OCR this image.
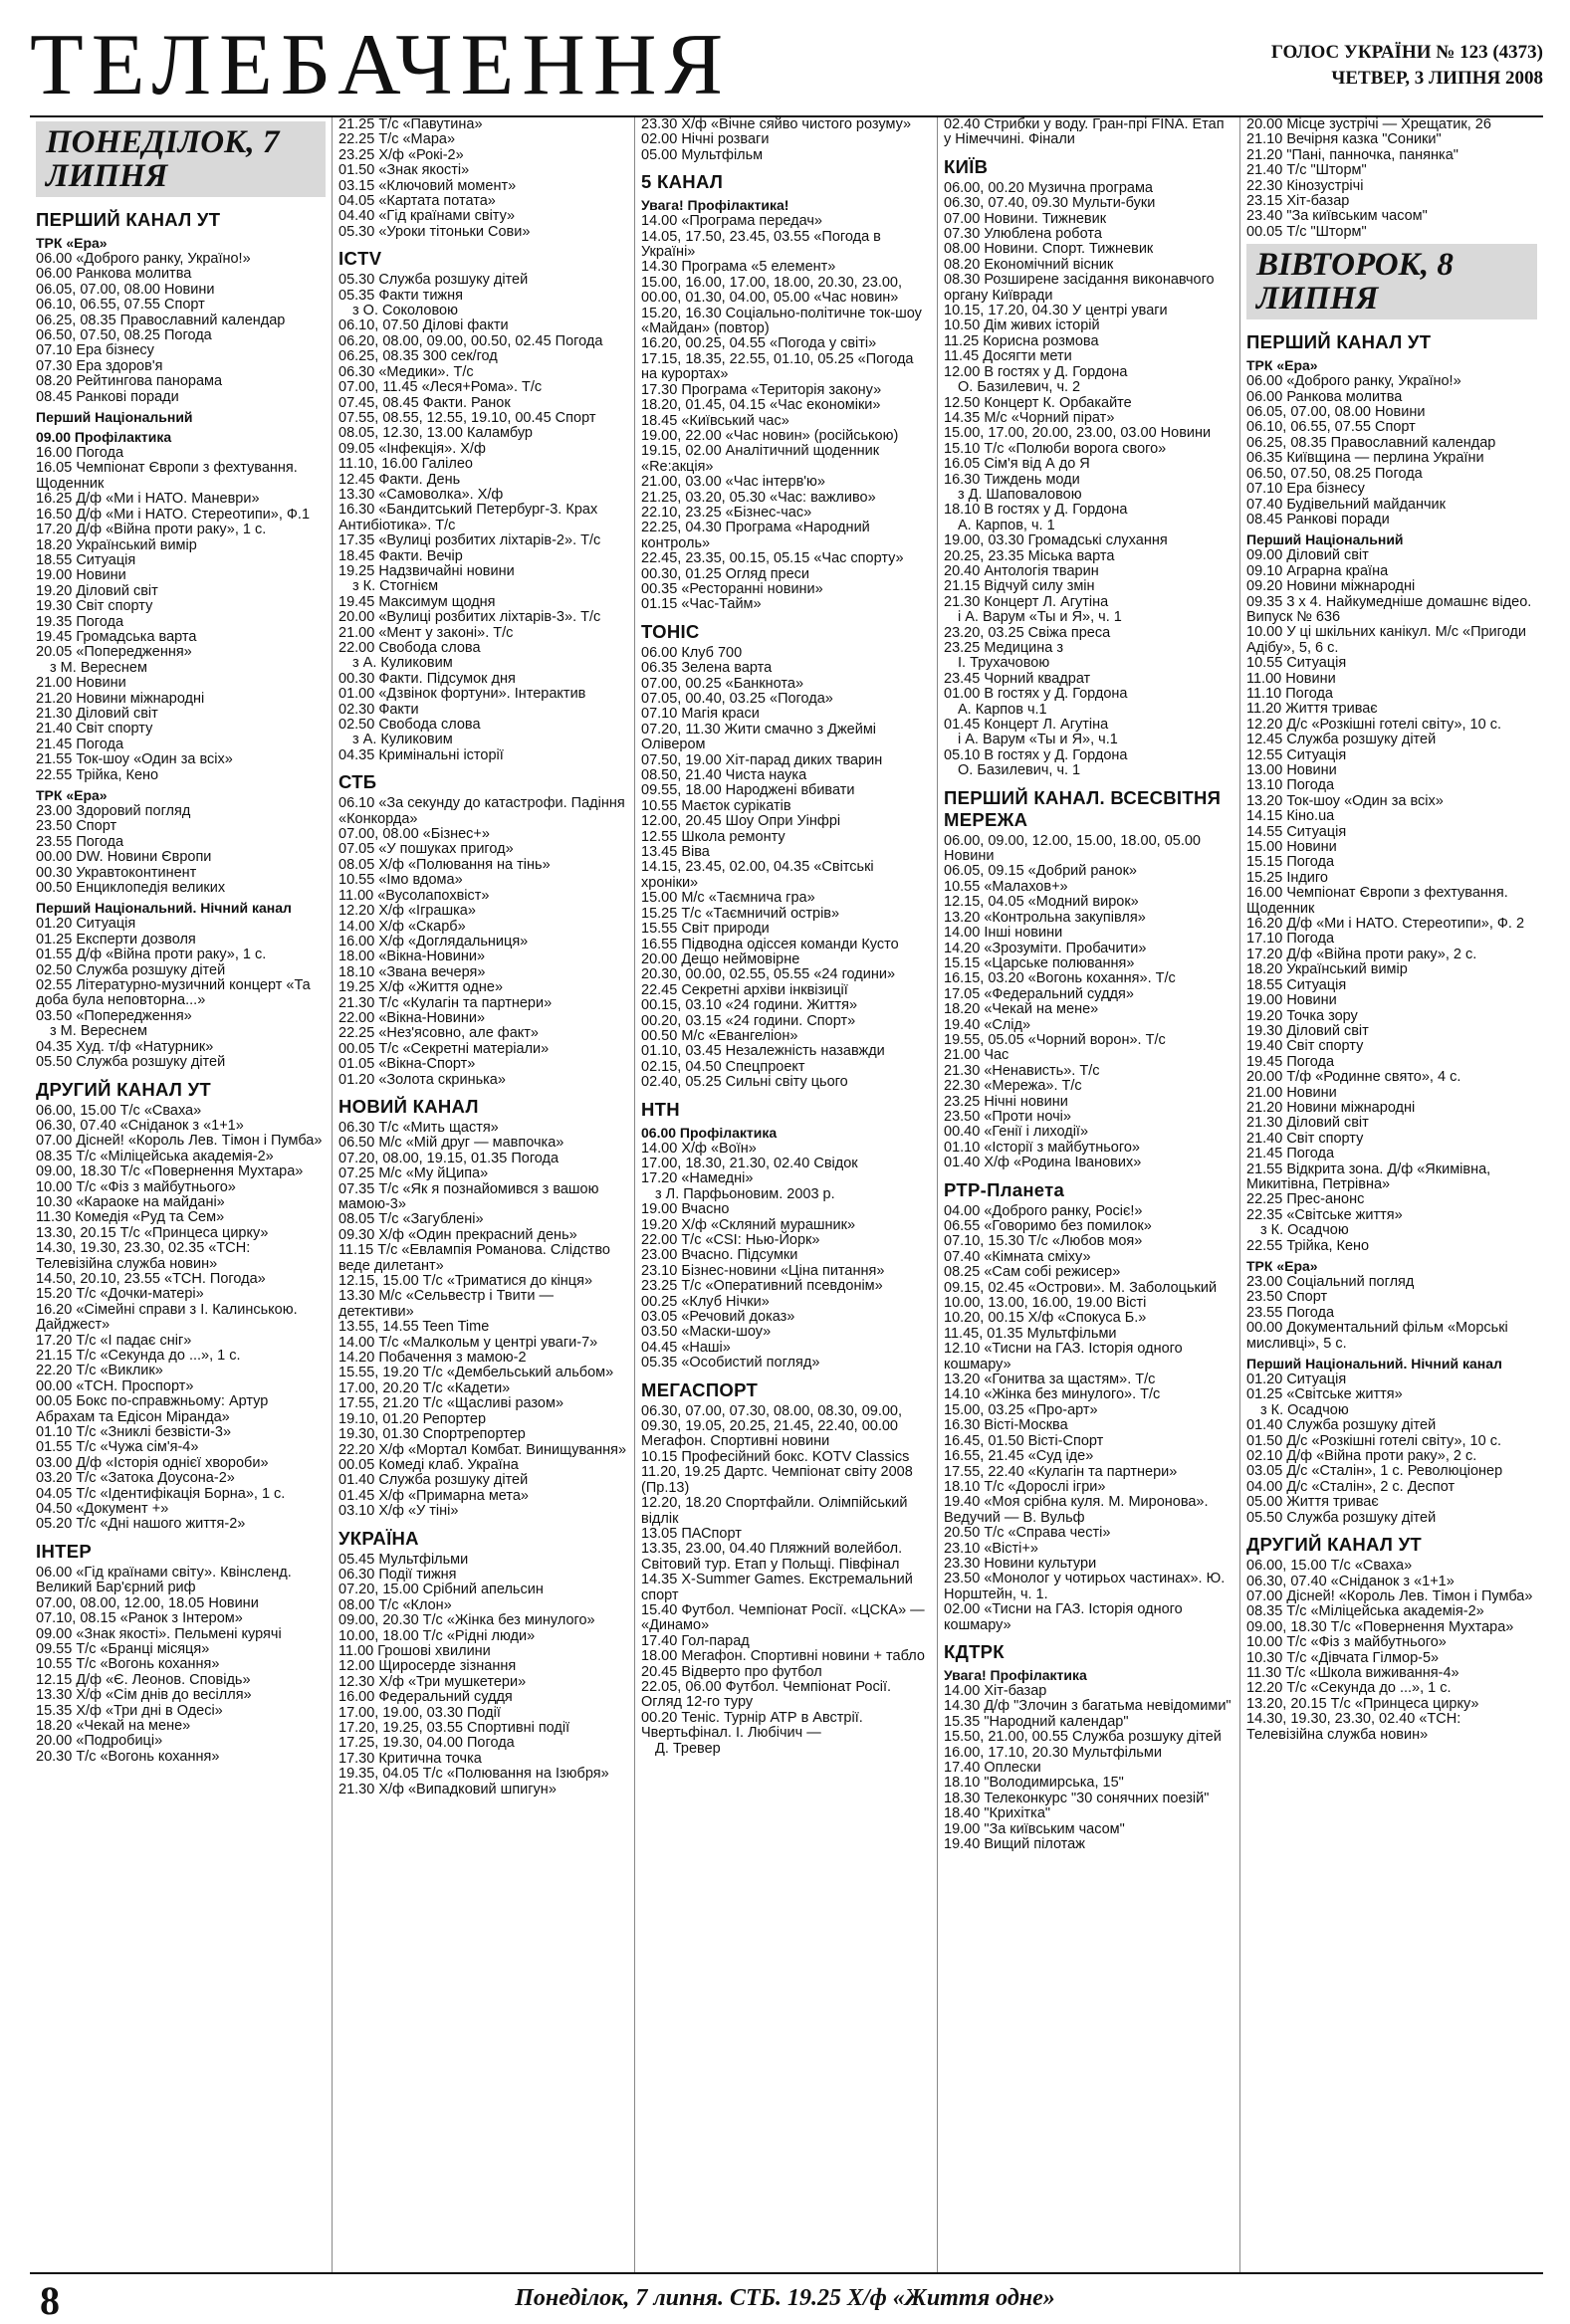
ТЕЛЕБАЧЕННЯ	ГОЛОС УКРАЇНИ № 123 (4373)
ЧЕТВЕР, 3 ЛИПНЯ 2008
ПОНЕДІЛОК, 7 ЛИПНЯ
ПЕРШИЙ КАНАЛ УТ
ТРК «Ера»
06.00 «Доброго ранку, Україно!»
06.00 Ранкова молитва
06.05, 07.00, 08.00 Новини
06.10, 06.55, 07.55 Спорт
06.25, 08.35 Православний календар
06.50, 07.50, 08.25 Погода
07.10 Ера бізнесу
07.30 Ера здоров'я
08.20 Рейтингова панорама
08.45 Ранкові поради
Перший Національний
09.00 Профілактика
16.00 Погода
16.05 Чемпіонат Європи з фехтування. Щоденник
16.25 Д/ф «Ми і НАТО. Маневри»
16.50 Д/ф «Ми і НАТО. Стереотипи», Ф.1
17.20 Д/ф «Війна проти раку», 1 с.
18.20 Український вимір
18.55 Ситуація
19.00 Новини
19.20 Діловий світ
19.30 Світ спорту
19.35 Погода
19.45 Громадська варта
20.05 «Попередження»
з М. Вереснем
21.00 Новини
21.20 Новини міжнародні
21.30 Діловий світ
21.40 Світ спорту
21.45 Погода
21.55 Ток-шоу «Один за всіх»
22.55 Трійка, Кено
ТРК «Ера»
23.00 Здоровий погляд
23.50 Спорт
23.55 Погода
00.00 DW. Новини Європи
00.30 Укравтоконтинент
00.50 Енциклопедія великих
Перший Національний. Нічний канал
01.20 Ситуація
01.25 Експерти дозволя
01.55 Д/ф «Війна проти раку», 1 с.
02.50 Служба розшуку дітей
02.55 Літературно-музичний концерт «Та доба була неповторна...»
03.50 «Попередження»
з М. Вереснем
04.35 Худ. т/ф «Натурник»
05.50 Служба розшуку дітей
ДРУГИЙ КАНАЛ УТ
06.00, 15.00 Т/с «Сваха»
06.30, 07.40 «Сніданок з «1+1»
07.00 Дісней! «Король Лев. Тімон і Пумба»
08.35 Т/с «Міліцейська академія-2»
09.00, 18.30 Т/с «Повернення Мухтара»
10.00 Т/с «Фіз з майбутнього»
10.30 «Караоке на майдані»
11.30 Комедія «Руд та Сем»
13.30, 20.15 Т/с «Принцеса цирку»
14.30, 19.30, 23.30, 02.35 «ТСН: Телевізійна служба новин»
14.50, 20.10, 23.55 «ТСН. Погода»
15.20 Т/с «Дочки-матері»
16.20 «Сімейні справи з І. Калинською. Дайджест»
17.20 Т/с «І падає сніг»
21.15 Т/с «Секунда до ...», 1 с.
22.20 Т/с «Виклик»
00.00 «ТСН. Проспорт»
00.05 Бокс по-справжньому: Артур Абрахам та Едісон Міранда»
01.10 Т/с «Зниклі безвісти-3»
01.55 Т/с «Чужа сім'я-4»
03.00 Д/ф «Історія однієї хвороби»
03.20 Т/с «Затока Доусона-2»
04.05 Т/с «Ідентифікація Борна», 1 с.
04.50 «Документ +»
05.20 Т/с «Дні нашого життя-2»
ІНТЕР
06.00 «Гід країнами світу». Квінсленд. Великий Бар'єрний риф
07.00, 08.00, 12.00, 18.05 Новини
07.10, 08.15 «Ранок з Інтером»
09.00 «Знак якості». Пельмені курячі
09.55 Т/с «Бранці місяця»
10.55 Т/с «Вогонь кохання»
12.15 Д/ф «Є. Леонов. Сповідь»
13.30 Х/ф «Сім днів до весілля»
15.35 Х/ф «Три дні в Одесі»
18.20 «Чекай на мене»
20.00 «Подробиці»
20.30 Т/с «Вогонь кохання»
21.25 Т/с «Павутина»
22.25 Т/с «Мара»
23.25 Х/ф «Рокі-2»
01.50 «Знак якості»
03.15 «Ключовий момент»
04.05 «Картата потата»
04.40 «Гід країнами світу»
05.30 «Уроки тітоньки Сови»
ICTV
05.30 Служба розшуку дітей
05.35 Факти тижня
з О. Соколовою
06.10, 07.50 Ділові факти
06.20, 08.00, 09.00, 00.50, 02.45 Погода
06.25, 08.35 300 сек/год
06.30 «Медики». Т/с
07.00, 11.45 «Леся+Рома». Т/с
07.45, 08.45 Факти. Ранок
07.55, 08.55, 12.55, 19.10, 00.45 Спорт
08.05, 12.30, 13.00 Каламбур
09.05 «Інфекція». Х/ф
11.10, 16.00 Галілео
12.45 Факти. День
13.30 «Самоволка». Х/ф
16.30 «Бандитський Петербург-3. Крах Антибіотика». Т/с
17.35 «Вулиці розбитих ліхтарів-2». Т/с
18.45 Факти. Вечір
19.25 Надзвичайні новини
з К. Стогнієм
19.45 Максимум щодня
20.00 «Вулиці розбитих ліхтарів-3». Т/с
21.00 «Мент у законі». Т/с
22.00 Свобода слова
з А. Куликовим
00.30 Факти. Підсумок дня
01.00 «Дзвінок фортуни». Інтерактив
02.30 Факти
02.50 Свобода слова
з А. Куликовим
04.35 Кримінальні історії
СТБ
06.10 «За секунду до катастрофи. Падіння «Конкорда»
07.00, 08.00 «Бізнес+»
07.05 «У пошуках пригод»
08.05 Х/ф «Полювання на тінь»
10.55 «Імо вдома»
11.00 «Вусолапохвіст»
12.20 Х/ф «Іграшка»
14.00 Х/ф «Скарб»
16.00 Х/ф «Доглядальниця»
18.00 «Вікна-Новини»
18.10 «Звана вечеря»
19.25 Х/ф «Життя одне»
21.30 Т/с «Кулагін та партнери»
22.00 «Вікна-Новини»
22.25 «Нез'ясовно, але факт»
00.05 Т/с «Секретні матеріали»
01.05 «Вікна-Спорт»
01.20 «Золота скринька»
НОВИЙ КАНАЛ
06.30 Т/с «Мить щастя»
06.50 М/с «Мій друг — мавпочка»
07.20, 08.00, 19.15, 01.35 Погода
07.25 М/с «Му йЦипа»
07.35 Т/с «Як я познайомився з вашою мамою-3»
08.05 Т/с «Загублені»
09.30 Х/ф «Один прекрасний день»
11.15 Т/с «Евлампія Романова. Слідство веде дилетант»
12.15, 15.00 Т/с «Триматися до кінця»
13.30 М/с «Сельвестр і Твити — детективи»
13.55, 14.55 Teen Time
14.00 Т/с «Малкольм у центрі уваги-7»
14.20 Побачення з мамою-2
15.55, 19.20 Т/с «Дембельський альбом»
17.00, 20.20 Т/с «Кадети»
17.55, 21.20 Т/с «Щасливі разом»
19.10, 01.20 Репортер
19.30, 01.30 Спортрепортер
22.20 Х/ф «Мортал Комбат. Винищування»
00.05 Комеді клаб. Україна
01.40 Служба розшуку дітей
01.45 Х/ф «Примарна мета»
03.10 Х/ф «У тіні»
УКРАЇНА
05.45 Мультфільми
06.30 Події тижня
07.20, 15.00 Срібний апельсин
08.00 Т/с «Клон»
09.00, 20.30 Т/с «Жінка без минулого»
10.00, 18.00 Т/с «Рідні люди»
11.00 Грошові хвилини
12.00 Щиросерде зізнання
12.30 Х/ф «Три мушкетери»
16.00 Федеральний суддя
17.00, 19.00, 03.30 Події
17.20, 19.25, 03.55 Спортивні події
17.25, 19.30, 04.00 Погода
17.30 Критична точка
19.35, 04.05 Т/с «Полювання на Ізюбря»
21.30 Х/ф «Випадковий шпигун»
23.30 Х/ф «Вічне сяйво чистого розуму»
02.00 Нічні розваги
05.00 Мультфільм
5 КАНАЛ
Увага! Профілактика!
14.00 «Програма передач»
14.05, 17.50, 23.45, 03.55 «Погода в Україні»
14.30 Програма «5 елемент»
15.00, 16.00, 17.00, 18.00, 20.30, 23.00, 00.00, 01.30, 04.00, 05.00 «Час новин»
15.20, 16.30 Соціально-політичне ток-шоу «Майдан» (повтор)
16.20, 00.25, 04.55 «Погода у світі»
17.15, 18.35, 22.55, 01.10, 05.25 «Погода на курортах»
17.30 Програма «Територія закону»
18.20, 01.45, 04.15 «Час економіки»
18.45 «Київський час»
19.00, 22.00 «Час новин» (російською)
19.15, 02.00 Аналітичний щоденник «Re:акція»
21.00, 03.00 «Час інтерв'ю»
21.25, 03.20, 05.30 «Час: важливо»
22.10, 23.25 «Бізнес-час»
22.25, 04.30 Програма «Народний контроль»
22.45, 23.35, 00.15, 05.15 «Час спорту»
00.30, 01.25 Огляд преси
00.35 «Ресторанні новини»
01.15 «Час-Тайм»
ТОНІС
06.00 Клуб 700
06.35 Зелена варта
07.00, 00.25 «Банкнота»
07.05, 00.40, 03.25 «Погода»
07.10 Магія краси
07.20, 11.30 Жити смачно з Джеймі Олівером
07.50, 19.00 Хіт-парад диких тварин
08.50, 21.40 Чиста наука
09.55, 18.00 Народжені вбивати
10.55 Маєток сурікатів
12.00, 20.45 Шоу Опри Уінфрі
12.55 Школа ремонту
13.45 Віва
14.15, 23.45, 02.00, 04.35 «Світські хроніки»
15.00 М/с «Таємнича гра»
15.25 Т/с «Таємничий острів»
15.55 Світ природи
16.55 Підводна одіссея команди Кусто
20.00 Дещо неймовірне
20.30, 00.00, 02.55, 05.55 «24 години»
22.45 Секретні архіви інквізиції
00.15, 03.10 «24 години. Життя»
00.20, 03.15 «24 години. Спорт»
00.50 М/с «Евангеліон»
01.10, 03.45 Незалежність назавжди
02.15, 04.50 Спецпроект
02.40, 05.25 Сильні світу цього
НТН
06.00 Профілактика
14.00 Х/ф «Воїн»
17.00, 18.30, 21.30, 02.40 Свідок
17.20 «Намедні»
з Л. Парфьоновим. 2003 р.
19.00 Вчасно
19.20 Х/ф «Скляний мурашник»
22.00 Т/с «CSI: Нью-Йорк»
23.00 Вчасно. Підсумки
23.10 Бізнес-новини «Ціна питання»
23.25 Т/с «Оперативний псевдонім»
00.25 «Клуб Нічки»
03.05 «Речовий доказ»
03.50 «Маски-шоу»
04.45 «Наші»
05.35 «Особистий погляд»
МЕГАСПОРТ
06.30, 07.00, 07.30, 08.00, 08.30, 09.00, 09.30, 19.05, 20.25, 21.45, 22.40, 00.00 Мегафон. Спортивні новини
10.15 Професійний бокс. KOTV Classics
11.20, 19.25 Дартс. Чемпіонат світу 2008 (Пр.13)
12.20, 18.20 Спортфайли. Олімпійський відлік
13.05 ПАСпорт
13.35, 23.00, 04.40 Пляжний волейбол. Світовий тур. Етап у Польщі. Півфінал
14.35 X-Summer Games. Екстремальний спорт
15.40 Футбол. Чемпіонат Росії. «ЦСКА» — «Динамо»
17.40 Гол-парад
18.00 Мегафон. Спортивні новини + табло
20.45 Відверто про футбол
22.05, 06.00 Футбол. Чемпіонат Росії. Огляд 12-го туру
00.20 Теніс. Турнір АТР в Австрії. Чвертьфінал. І. Любічич —
Д. Тревер
02.40 Стрибки у воду. Гран-прі FINA. Етап у Німеччині. Фінали
КИЇВ
06.00, 00.20 Музична програма
06.30, 07.40, 09.30 Мульти-буки
07.00 Новини. Тижневик
07.30 Улюблена робота
08.00 Новини. Спорт. Тижневик
08.20 Економічний вісник
08.30 Розширене засідання виконавчого органу Київради
10.15, 17.20, 04.30 У центрі уваги
10.50 Дім живих історій
11.25 Корисна розмова
11.45 Досягти мети
12.00 В гостях у Д. Гордона
О. Базилевич, ч. 2
12.50 Концерт К. Орбакайте
14.35 М/с «Чорний пірат»
15.00, 17.00, 20.00, 23.00, 03.00 Новини
15.10 Т/с «Полюби ворога свого»
16.05 Сім'я від А до Я
16.30 Тиждень моди
з Д. Шаповаловою
18.10 В гостях у Д. Гордона
А. Карпов, ч. 1
19.00, 03.30 Громадські слухання
20.25, 23.35 Міська варта
20.40 Антологія тварин
21.15 Відчуй силу змін
21.30 Концерт Л. Агутіна
і А. Варум «Ты и Я», ч. 1
23.20, 03.25 Свіжа преса
23.25 Медицина з
І. Трухачовою
23.45 Чорний квадрат
01.00 В гостях у Д. Гордона
А. Карпов ч.1
01.45 Концерт Л. Агутіна
і А. Варум «Ты и Я», ч.1
05.10 В гостях у Д. Гордона
О. Базилевич, ч. 1
ПЕРШИЙ КАНАЛ. ВСЕСВІТНЯ МЕРЕЖА
06.00, 09.00, 12.00, 15.00, 18.00, 05.00 Новини
06.05, 09.15 «Добрий ранок»
10.55 «Малахов+»
12.15, 04.05 «Модний вирок»
13.20 «Контрольна закупівля»
14.00 Інші новини
14.20 «Зрозуміти. Пробачити»
15.15 «Царське полювання»
16.15, 03.20 «Вогонь кохання». Т/с
17.05 «Федеральний суддя»
18.20 «Чекай на мене»
19.40 «Слід»
19.55, 05.05 «Чорний ворон». Т/с
21.00 Час
21.30 «Ненависть». Т/с
22.30 «Мережа». Т/с
23.25 Нічні новини
23.50 «Проти ночі»
00.40 «Генії і лиходії»
01.10 «Історії з майбутнього»
01.40 Х/ф «Родина Іванових»
РТР-Планета
04.00 «Доброго ранку, Росіє!»
06.55 «Говоримо без помилок»
07.10, 15.30 Т/с «Любов моя»
07.40 «Кімната сміху»
08.25 «Сам собі режисер»
09.15, 02.45 «Острови». М. Заболоцький
10.00, 13.00, 16.00, 19.00 Вісті
10.20, 00.15 Х/ф «Спокуса Б.»
11.45, 01.35 Мультфільми
12.10 «Тисни на ГАЗ. Історія одного кошмару»
13.20 «Гонитва за щастям». Т/с
14.10 «Жінка без минулого». Т/с
15.00, 03.25 «Про-арт»
16.30 Вісті-Москва
16.45, 01.50 Вісті-Спорт
16.55, 21.45 «Суд іде»
17.55, 22.40 «Кулагін та партнери»
18.10 Т/с «Дорослі ігри»
19.40 «Моя срібна куля. М. Миронова». Ведучий — В. Вульф
20.50 Т/с «Справа честі»
23.10 «Вісті+»
23.30 Новини культури
23.50 «Монолог у чотирьох частинах». Ю. Норштейн, ч. 1.
02.00 «Тисни на ГАЗ. Історія одного кошмару»
КДТРК
Увага! Профілактика
14.00 Хіт-базар
14.30 Д/ф "Злочин з багатьма невідомими"
15.35 "Народний календар"
15.50, 21.00, 00.55 Служба розшуку дітей
16.00, 17.10, 20.30 Мультфільми
17.40 Оплески
18.10 "Володимирська, 15"
18.30 Телеконкурс "30 сонячних поезій"
18.40 "Крихітка"
19.00 "За київським часом"
19.40 Вищий пілотаж
20.00 Місце зустрічі — Хрещатик, 26
21.10 Вечірня казка "Соники"
21.20 "Пані, панночка, панянка"
21.40 Т/с "Шторм"
22.30 Кінозустрічі
23.15 Хіт-базар
23.40 "За київським часом"
00.05 Т/с "Шторм"
ВІВТОРОК, 8 ЛИПНЯ
ПЕРШИЙ КАНАЛ УТ
ТРК «Ера»
06.00 «Доброго ранку, Україно!»
06.00 Ранкова молитва
06.05, 07.00, 08.00 Новини
06.10, 06.55, 07.55 Спорт
06.25, 08.35 Православний календар
06.35 Київщина — перлина України
06.50, 07.50, 08.25 Погода
07.10 Ера бізнесу
07.40 Будівельний майданчик
08.45 Ранкові поради
Перший Національний
09.00 Діловий світ
09.10 Аграрна країна
09.20 Новини міжнародні
09.35 3 х 4. Найкумедніше домашнє відео. Випуск № 636
10.00 У ці шкільних канікул. М/с «Пригоди Адібу», 5, 6 с.
10.55 Ситуація
11.00 Новини
11.10 Погода
11.20 Життя триває
12.20 Д/с «Розкішні готелі світу», 10 с.
12.45 Служба розшуку дітей
12.55 Ситуація
13.00 Новини
13.10 Погода
13.20 Ток-шоу «Один за всіх»
14.15 Кіно.ua
14.55 Ситуація
15.00 Новини
15.15 Погода
15.25 Індиго
16.00 Чемпіонат Європи з фехтування. Щоденник
16.20 Д/ф «Ми і НАТО. Стереотипи», Ф. 2
17.10 Погода
17.20 Д/ф «Війна проти раку», 2 с.
18.20 Український вимір
18.55 Ситуація
19.00 Новини
19.20 Точка зору
19.30 Діловий світ
19.40 Світ спорту
19.45 Погода
20.00 Т/ф «Родинне свято», 4 с.
21.00 Новини
21.20 Новини міжнародні
21.30 Діловий світ
21.40 Світ спорту
21.45 Погода
21.55 Відкрита зона. Д/ф «Якимівна, Микитівна, Петрівна»
22.25 Прес-анонс
22.35 «Світське життя»
з К. Осадчою
22.55 Трійка, Кено
ТРК «Ера»
23.00 Соціальний погляд
23.50 Спорт
23.55 Погода
00.00 Документальний фільм «Морські мисливці», 5 с.
Перший Національний. Нічний канал
01.20 Ситуація
01.25 «Світське життя»
з К. Осадчою
01.40 Служба розшуку дітей
01.50 Д/с «Розкішні готелі світу», 10 с.
02.10 Д/ф «Війна проти раку», 2 с.
03.05 Д/с «Сталін», 1 с. Революціонер
04.00 Д/с «Сталін», 2 с. Деспот
05.00 Життя триває
05.50 Служба розшуку дітей
ДРУГИЙ КАНАЛ УТ
06.00, 15.00 Т/с «Сваха»
06.30, 07.40 «Сніданок з «1+1»
07.00 Дісней! «Король Лев. Тімон і Пумба»
08.35 Т/с «Міліцейська академія-2»
09.00, 18.30 Т/с «Повернення Мухтара»
10.00 Т/с «Фіз з майбутнього»
10.30 Т/с «Дівчата Гілмор-5»
11.30 Т/с «Школа виживання-4»
12.20 Т/с «Секунда до ...», 1 с.
13.20, 20.15 Т/с «Принцеса цирку»
14.30, 19.30, 23.30, 02.40 «ТСН: Телевізійна служба новин»
8	Понеділок, 7 липня. СТБ. 19.25 Х/ф «Життя одне»
